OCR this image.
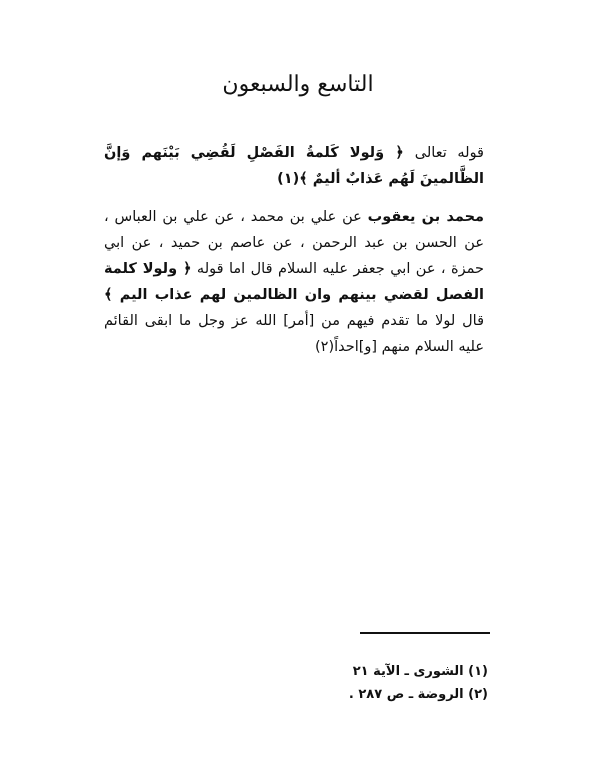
التاسع والسبعون
قوله تعالى ﴿ وَلولا كَلمةُ الفَصْلِ لَقُضِي بَيْنَهم وَإنَّ الظَّالمينَ لَهُم عَذابٌ أليمٌ ﴾(١)
محمد بن يعقوب عن علي بن محمد ، عن علي بن العباس ، عن الحسن بن عبد الرحمن ، عن عاصم بن حميد ، عن ابي حمزة ، عن ابي جعفر عليه السلام قال اما قوله ﴿ ولولا كلمة الفصل لقضي بينهم وان الظالمين لهم عذاب اليم ﴾ قال لولا ما تقدم فيهم من [أمر] الله عز وجل ما ابقى القائم عليه السلام منهم [و]احداً(٢)
(١) الشورى ـ الآية ٢١
(٢) الروضة ـ ص ٢٨٧ .
